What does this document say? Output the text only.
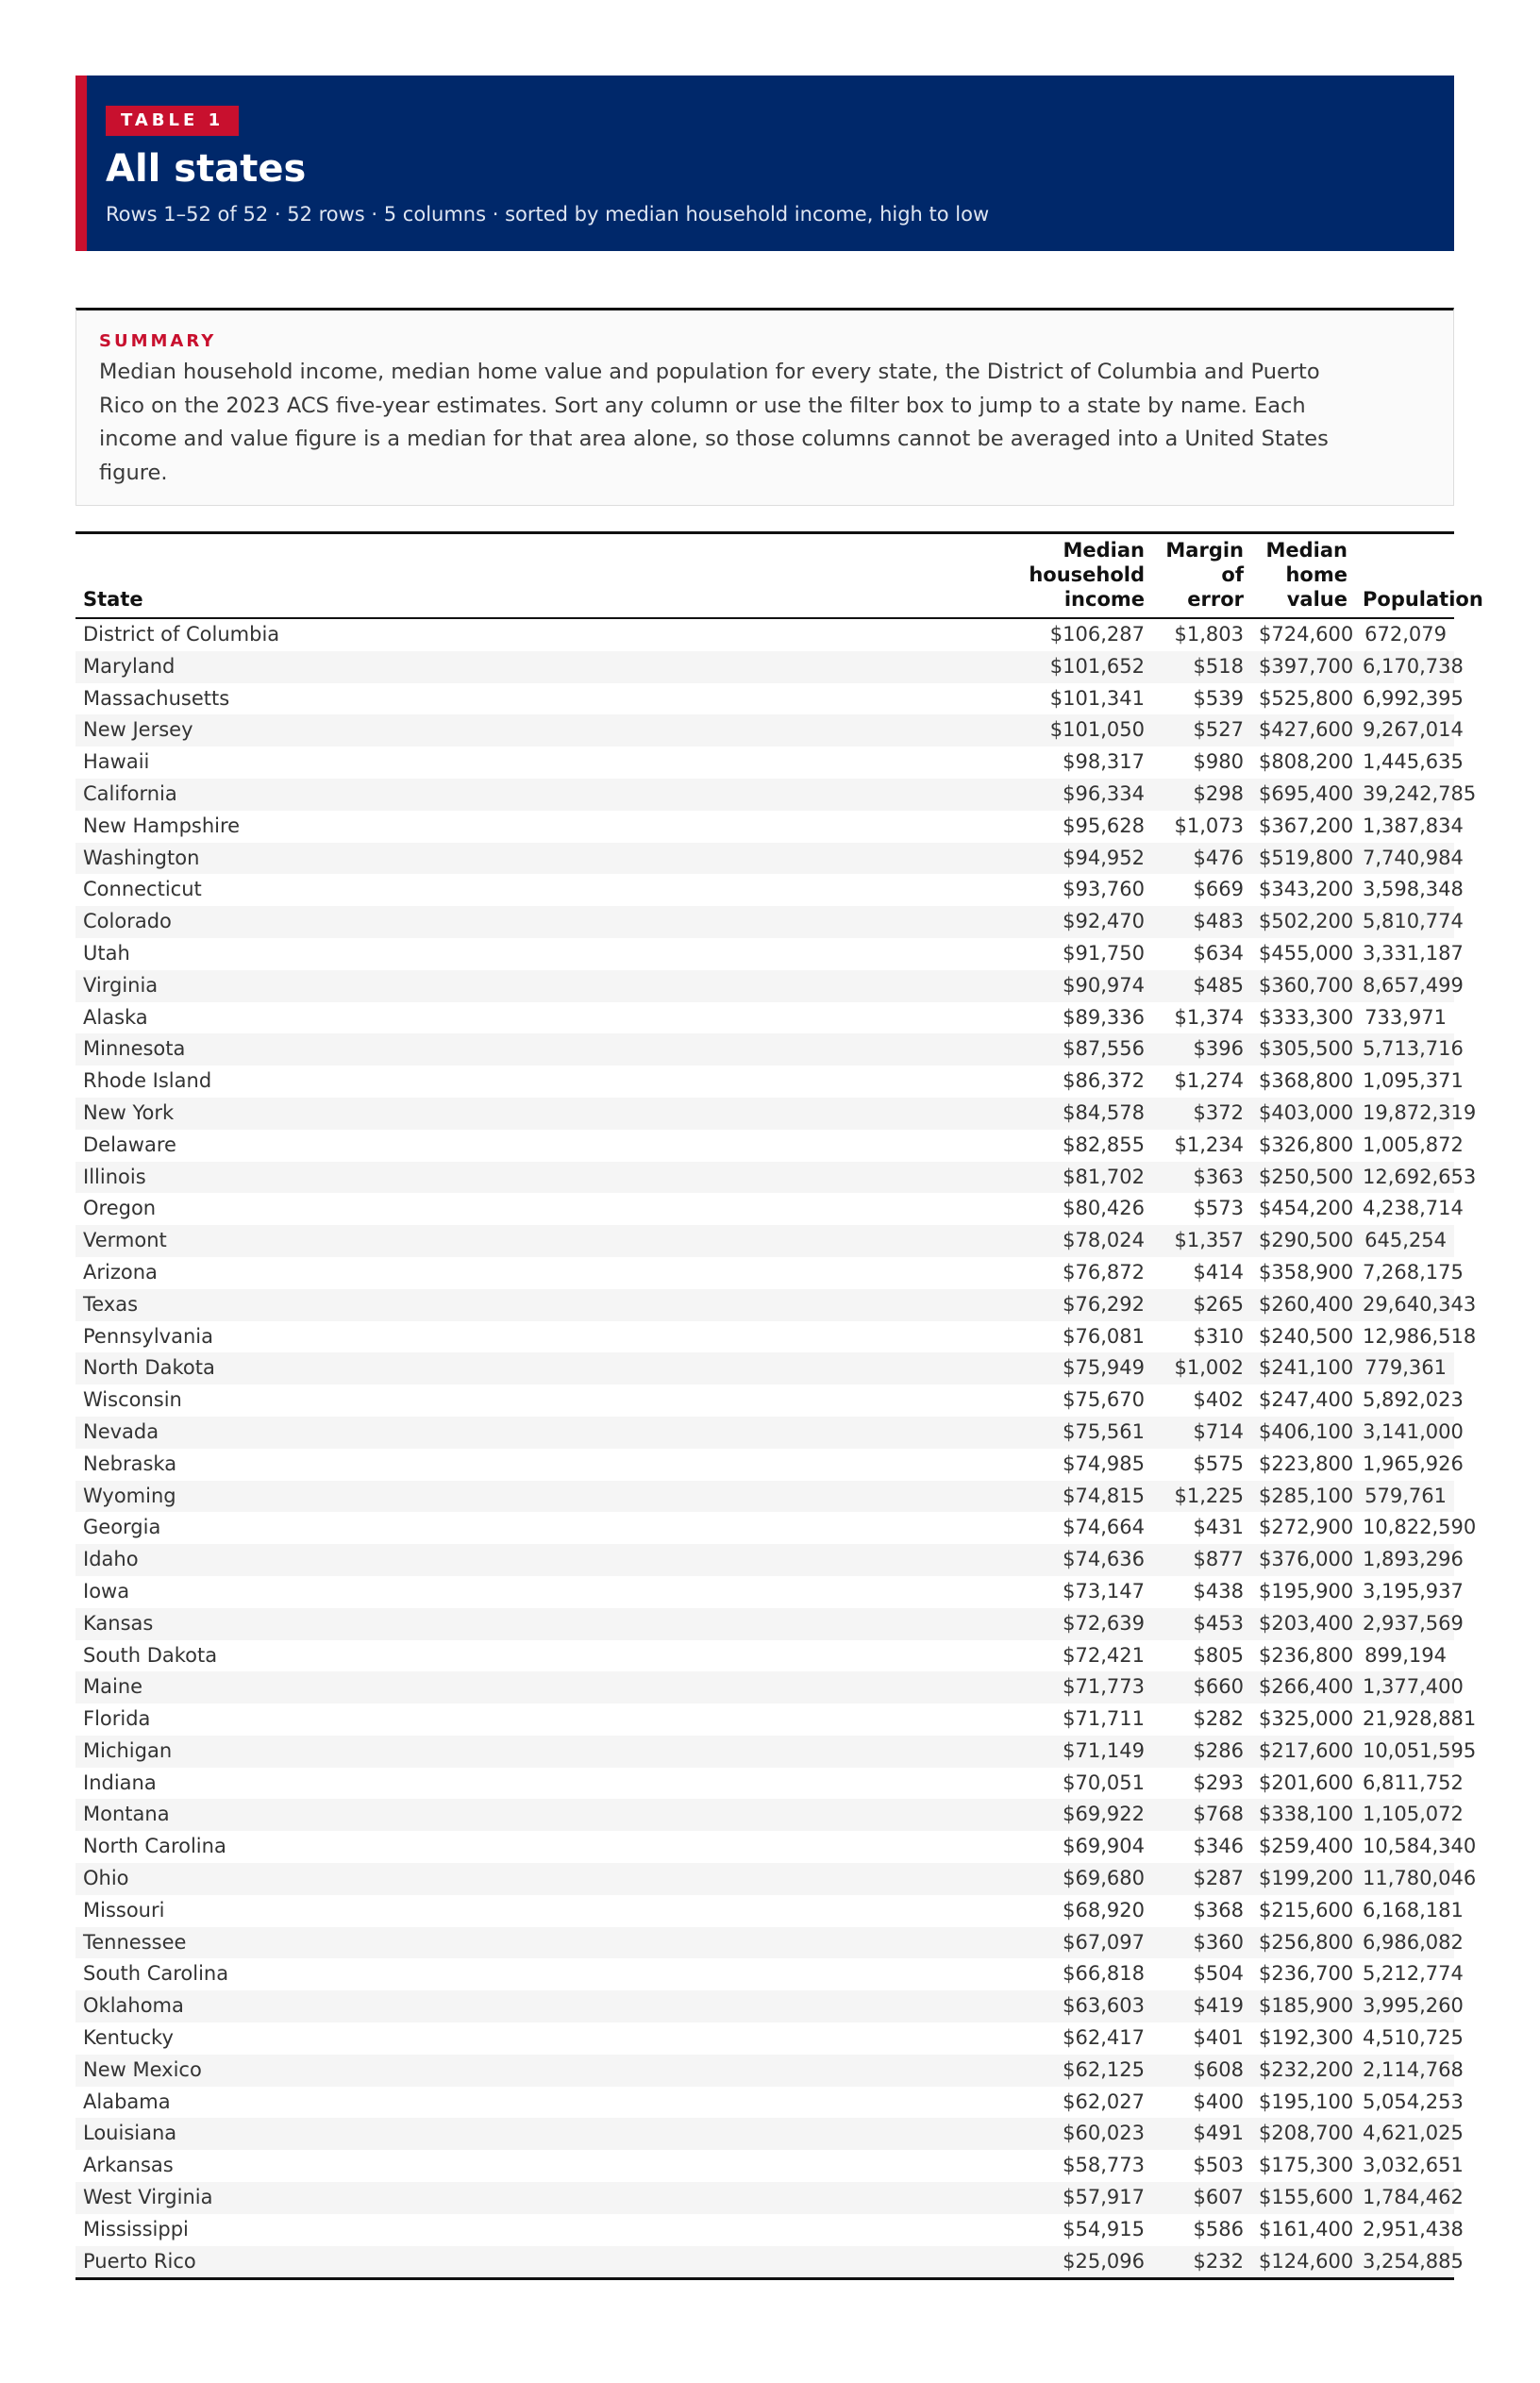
TABLE 1
All states
Rows 1–52 of 52 · 52 rows · 5 columns · sorted by median household income, high to low
SUMMARY
Median household income, median home value and population for every state, the District of Columbia and Puerto Rico on the 2023 ACS five-year estimates. Sort any column or use the filter box to jump to a state by name. Each income and value figure is a median for that area alone, so those columns cannot be averaged into a United States figure.
State	Median
household
income	Margin
of error	Median
home
value	Population
District of Columbia	$106,287	$1,803	$724,600	672,079
Maryland	$101,652	$518	$397,700	6,170,738
Massachusetts	$101,341	$539	$525,800	6,992,395
New Jersey	$101,050	$527	$427,600	9,267,014
Hawaii	$98,317	$980	$808,200	1,445,635
California	$96,334	$298	$695,400	39,242,785
New Hampshire	$95,628	$1,073	$367,200	1,387,834
Washington	$94,952	$476	$519,800	7,740,984
Connecticut	$93,760	$669	$343,200	3,598,348
Colorado	$92,470	$483	$502,200	5,810,774
Utah	$91,750	$634	$455,000	3,331,187
Virginia	$90,974	$485	$360,700	8,657,499
Alaska	$89,336	$1,374	$333,300	733,971
Minnesota	$87,556	$396	$305,500	5,713,716
Rhode Island	$86,372	$1,274	$368,800	1,095,371
New York	$84,578	$372	$403,000	19,872,319
Delaware	$82,855	$1,234	$326,800	1,005,872
Illinois	$81,702	$363	$250,500	12,692,653
Oregon	$80,426	$573	$454,200	4,238,714
Vermont	$78,024	$1,357	$290,500	645,254
Arizona	$76,872	$414	$358,900	7,268,175
Texas	$76,292	$265	$260,400	29,640,343
Pennsylvania	$76,081	$310	$240,500	12,986,518
North Dakota	$75,949	$1,002	$241,100	779,361
Wisconsin	$75,670	$402	$247,400	5,892,023
Nevada	$75,561	$714	$406,100	3,141,000
Nebraska	$74,985	$575	$223,800	1,965,926
Wyoming	$74,815	$1,225	$285,100	579,761
Georgia	$74,664	$431	$272,900	10,822,590
Idaho	$74,636	$877	$376,000	1,893,296
Iowa	$73,147	$438	$195,900	3,195,937
Kansas	$72,639	$453	$203,400	2,937,569
South Dakota	$72,421	$805	$236,800	899,194
Maine	$71,773	$660	$266,400	1,377,400
Florida	$71,711	$282	$325,000	21,928,881
Michigan	$71,149	$286	$217,600	10,051,595
Indiana	$70,051	$293	$201,600	6,811,752
Montana	$69,922	$768	$338,100	1,105,072
North Carolina	$69,904	$346	$259,400	10,584,340
Ohio	$69,680	$287	$199,200	11,780,046
Missouri	$68,920	$368	$215,600	6,168,181
Tennessee	$67,097	$360	$256,800	6,986,082
South Carolina	$66,818	$504	$236,700	5,212,774
Oklahoma	$63,603	$419	$185,900	3,995,260
Kentucky	$62,417	$401	$192,300	4,510,725
New Mexico	$62,125	$608	$232,200	2,114,768
Alabama	$62,027	$400	$195,100	5,054,253
Louisiana	$60,023	$491	$208,700	4,621,025
Arkansas	$58,773	$503	$175,300	3,032,651
West Virginia	$57,917	$607	$155,600	1,784,462
Mississippi	$54,915	$586	$161,400	2,951,438
Puerto Rico	$25,096	$232	$124,600	3,254,885
